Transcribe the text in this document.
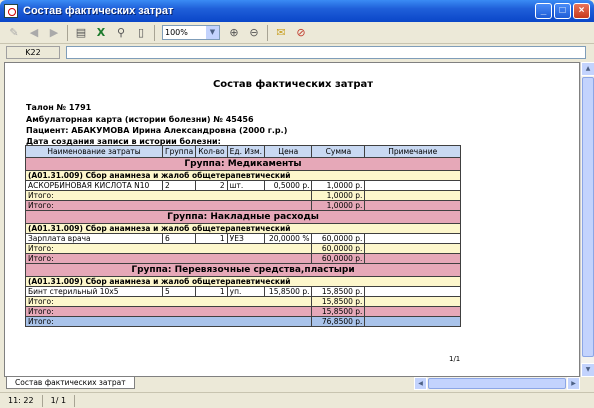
Состав фактических затрат	_	□	×
✎	◀	▶	▤ X	⚲	▯	100%	▼	⊕ ⊖	✉ ⊘
K22
Состав фактических затрат
Талон № 1791
Амбулаторная карта (истории болезни) № 45456
Пациент: АБАКУМОВА Ирина Александровна (2000 г.р.)
Дата создания записи в истории болезни:
Наименование затраты	Группа	Кол-во	Ед. Изм.	Цена	Сумма	Примечание
Группа: Медикаменты						
(А01.31.009) Сбор анамнеза и жалоб общетерапевтический						
АСКОРБИНОВАЯ КИСЛОТА N10	2	2	шт.	0,5000 р.	1,0000 р.	
Итого:					1,0000 р.	
Итого:					1,0000 р.	
Группа: Накладные расходы						
(А01.31.009) Сбор анамнеза и жалоб общетерапевтический						
Зарплата врача	6	1	УЕЗ	20,0000 %	60,0000 р.	
Итого:					60,0000 р.	
Итого:					60,0000 р.	
Группа: Перевязочные средства,пластыри						
(А01.31.009) Сбор анамнеза и жалоб общетерапевтический						
Бинт стерильный 10х5	5	1	уп.	15,8500 р.	15,8500 р.	
Итого:					15,8500 р.	
Итого:					15,8500 р.	
Итого:					76,8500 р.	
1/1
▲
▼
Состав фактических затрат	◀	▶
11: 22	1/ 1
